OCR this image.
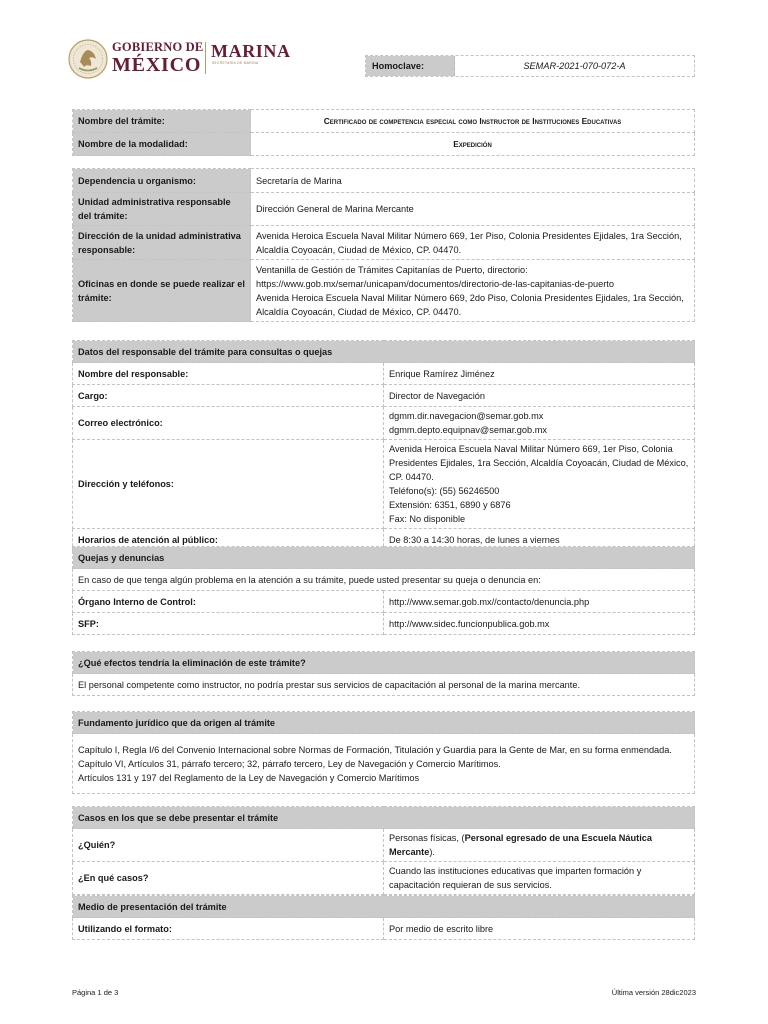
GOBIERNO DE
MÉXICO
MARINA
SECRETARÍA DE MARINA	Homoclave:	SEMAR-2021-070-072-A
Nombre del trámite:	Certificado de competencia especial como Instructor de Instituciones Educativas
Nombre de la modalidad:	Expedición
Dependencia u organismo:	Secretaría de Marina
Unidad administrativa responsable del trámite:	Dirección General de Marina Mercante
Dirección de la unidad administrativa responsable:	Avenida Heroica Escuela Naval Militar Número 669, 1er Piso, Colonia Presidentes Ejidales, 1ra Sección, Alcaldía Coyoacán, Ciudad de México, CP. 04470.
Oficinas en donde se puede realizar el trámite:	Ventanilla de Gestión de Trámites Capitanías de Puerto, directorio:
https://www.gob.mx/semar/unicapam/documentos/directorio-de-las-capitanias-de-puerto
Avenida Heroica Escuela Naval Militar Número 669, 2do Piso, Colonia Presidentes Ejidales, 1ra Sección, Alcaldía Coyoacán, Ciudad de México, CP. 04470.
Datos del responsable del trámite para consultas o quejas	
Nombre del responsable:	Enrique Ramírez Jiménez
Cargo:	Director de Navegación
Correo electrónico:	dgmm.dir.navegacion@semar.gob.mx
dgmm.depto.equipnav@semar.gob.mx

Dirección y teléfonos:	Avenida Heroica Escuela Naval Militar Número 669, 1er Piso, Colonia Presidentes Ejidales, 1ra Sección, Alcaldía Coyoacán, Ciudad de México, CP. 04470.
Teléfono(s): (55) 56246500
Extensión: 6351, 6890 y 6876
Fax: No disponible

Horarios de atención al público:	De 8:30 a 14:30 horas, de lunes a viernes
Quejas y denuncias	
En caso de que tenga algún problema en la atención a su trámite, puede usted presentar su queja o denuncia en:	
Órgano Interno de Control:	http://www.semar.gob.mx//contacto/denuncia.php
SFP:	http://www.sidec.funcionpublica.gob.mx
¿Qué efectos tendría la eliminación de este trámite?
El personal competente como instructor, no podría prestar sus servicios de capacitación al personal de la marina mercante.
Fundamento jurídico que da origen al trámite

Capítulo I, Regla I/6 del Convenio Internacional sobre Normas de Formación, Titulación y Guardia para la Gente de Mar, en su forma enmendada.
Capítulo VI, Artículos 31, párrafo tercero; 32, párrafo tercero, Ley de Navegación y Comercio Marítimos.
Artículos 131 y 197 del Reglamento de la Ley de Navegación y Comercio Marítimos
Casos en los que se debe presentar el trámite	
¿Quién?	Personas físicas, (Personal egresado de una Escuela Náutica Mercante).
¿En qué casos?	Cuando las instituciones educativas que imparten formación y capacitación requieran de sus servicios.
Medio de presentación del trámite
Utilizando el formato:	Por medio de escrito libre
Página 1 de 3	Última versión 28dic2023
